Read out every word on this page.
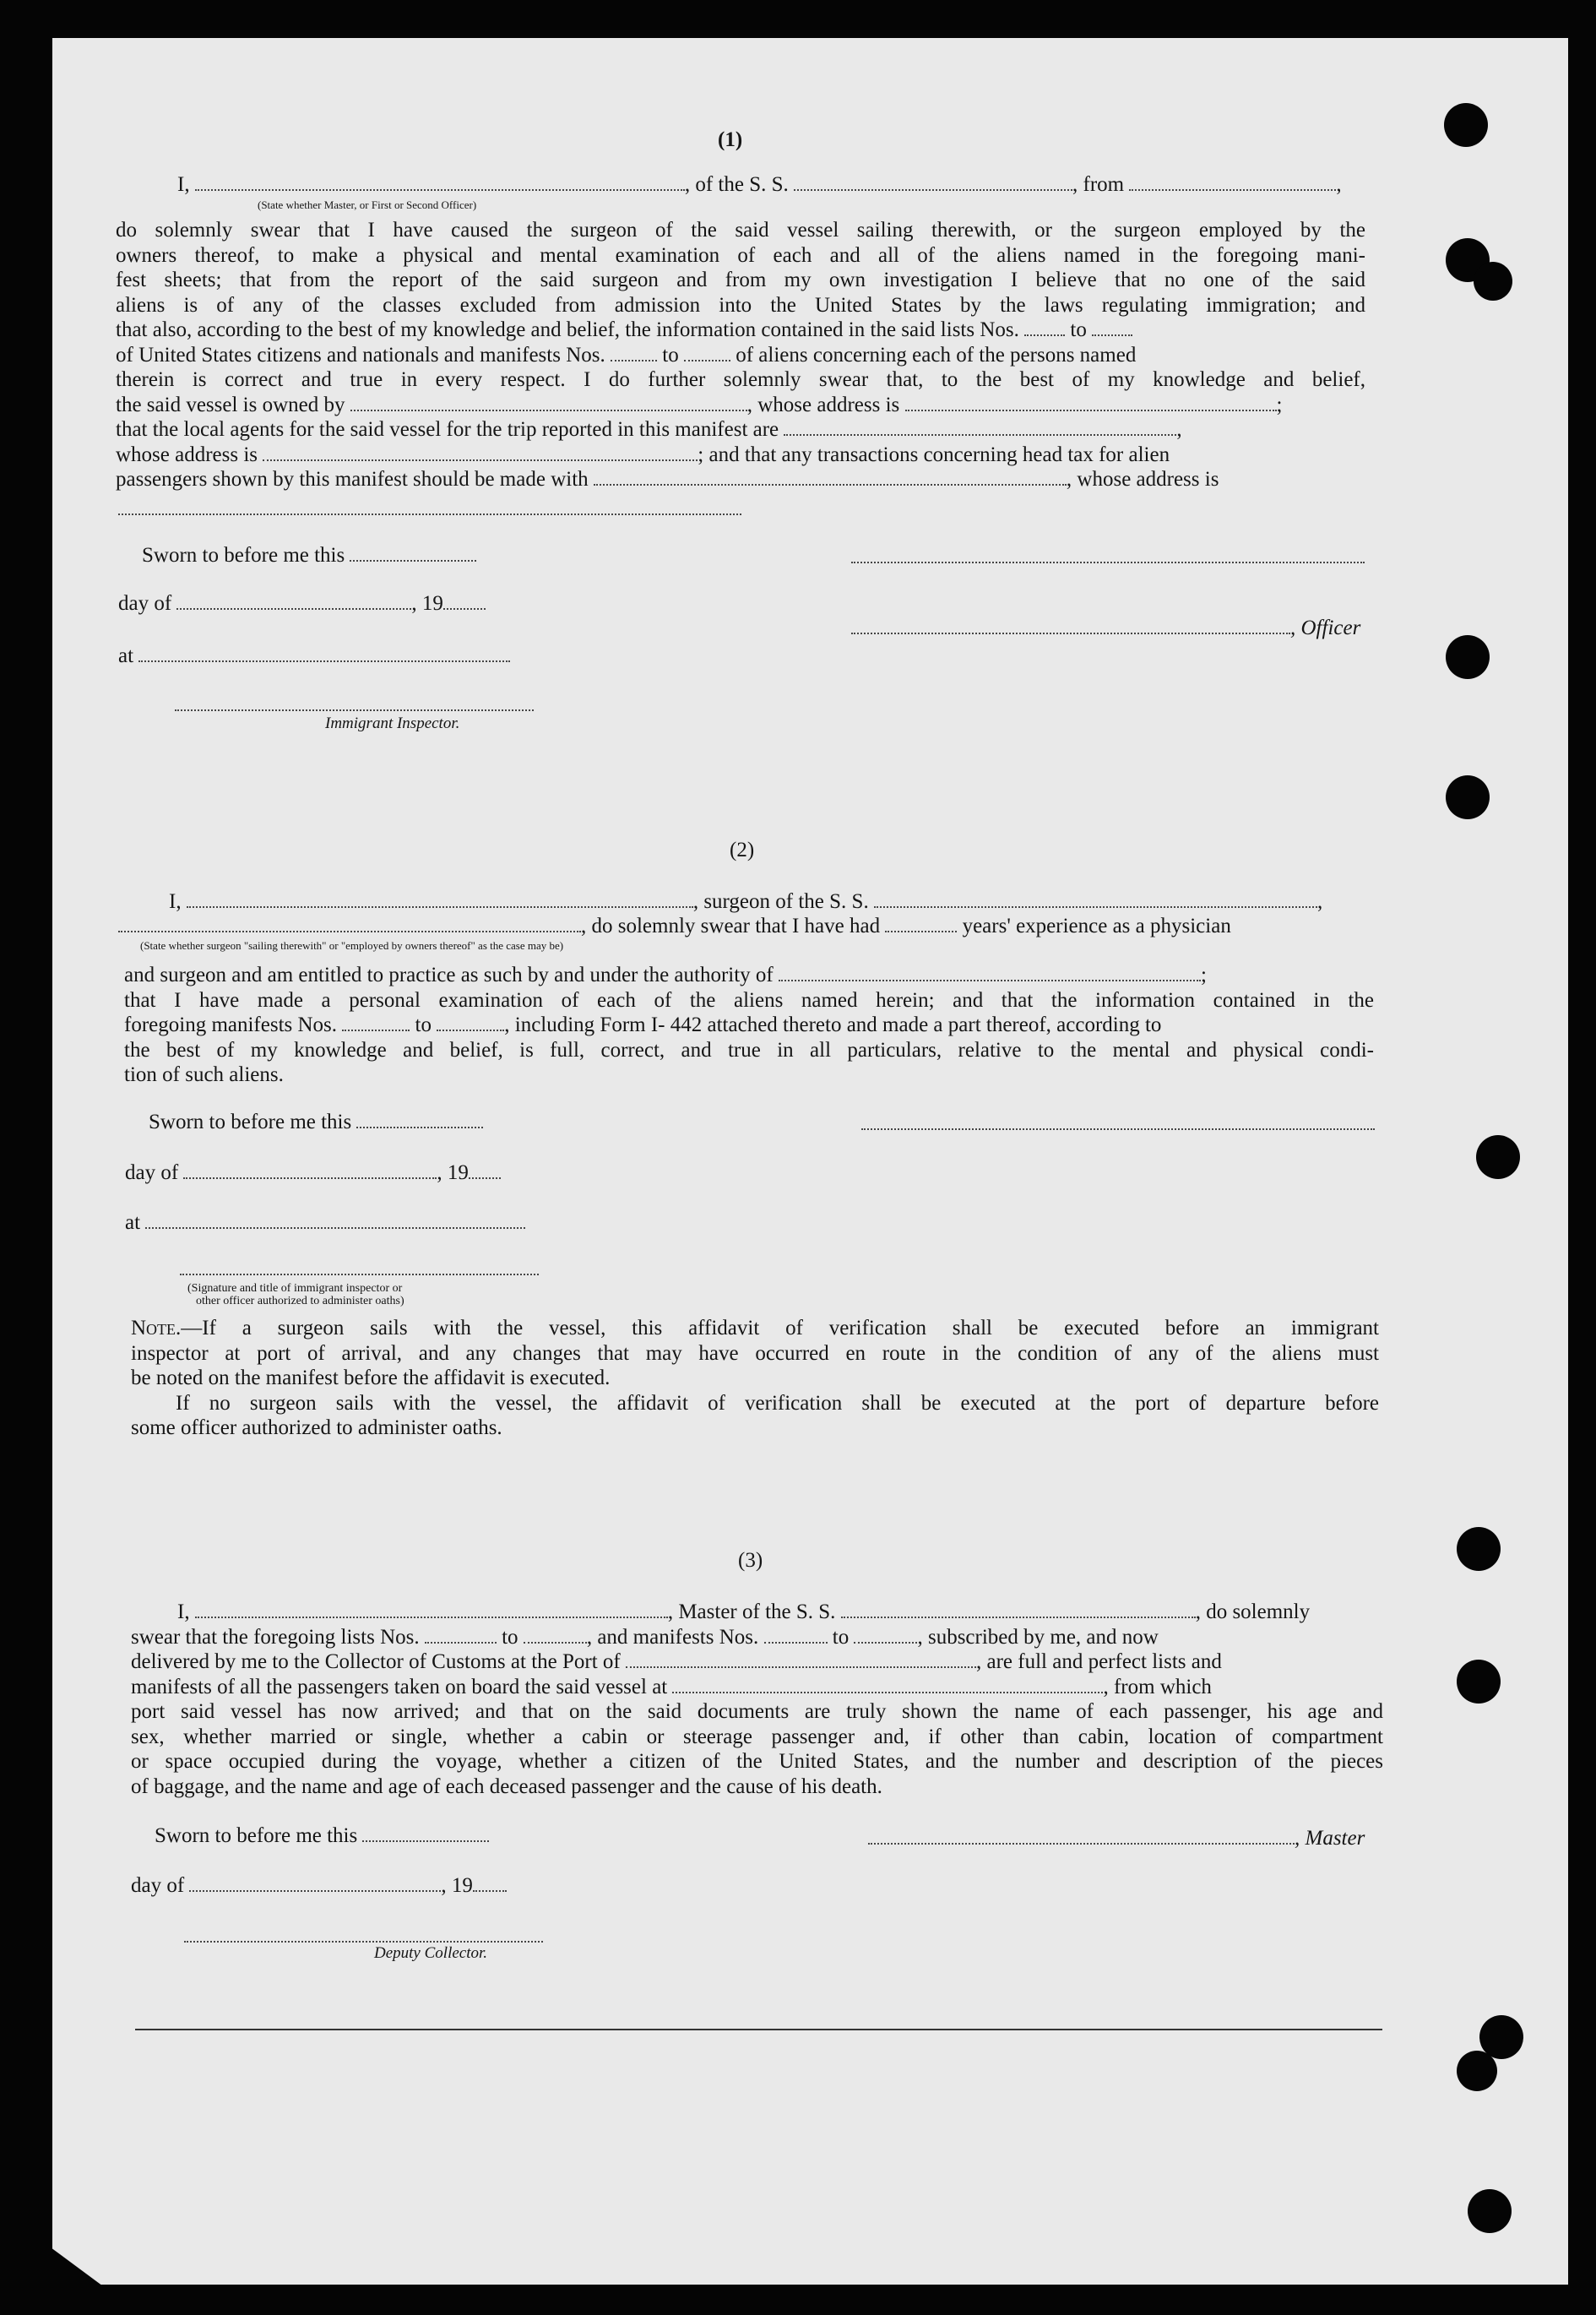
(1)
I,	, of the S. S.	, from	,
(State whether Master, or First or Second Officer)
do solemnly swear that I have caused the surgeon of the said vessel sailing therewith, or the surgeon employed by the
owners thereof, to make a physical and mental examination of each and all of the aliens named in the foregoing mani-
fest sheets; that from the report of the said surgeon and from my own investigation I believe that no one of the said
aliens is of any of the classes excluded from admission into the United States by the laws regulating immigration; and
that also, according to the best of my knowledge and belief, the information contained in the said lists Nos. to
of United States citizens and nationals and manifests Nos.	to	of aliens concerning each of the persons named
therein is correct and true in every respect. I do further solemnly swear that, to the best of my knowledge and belief,
the said vessel is owned by	, whose address is	;
that the local agents for the said vessel for the trip reported in this manifest are	,
whose address is	; and that any transactions concerning head tax for alien
passengers shown by this manifest should be made with	, whose address is
Sworn to before me this
day of	, 19
, Officer
at
Immigrant Inspector.
(2)
I,	, surgeon of the S. S.	,
, do solemnly swear that I have had	years' experience as a physician
(State whether surgeon "sailing therewith" or "employed by owners thereof" as the case may be)
and surgeon and am entitled to practice as such by and under the authority of	;
that I have made a personal examination of each of the aliens named herein; and that the information contained in the
foregoing manifests Nos.	to	, including Form I- 442 attached thereto and made a part thereof, according to
the best of my knowledge and belief, is full, correct, and true in all particulars, relative to the mental and physical condi-
tion of such aliens.
Sworn to before me this
day of	, 19
at
(Signature and title of immigrant inspector or
other officer authorized to administer oaths)
Note.—If a surgeon sails with the vessel, this affidavit of verification shall be executed before an immigrant
inspector at port of arrival, and any changes that may have occurred en route in the condition of any of the aliens must
be noted on the manifest before the affidavit is executed.
If no surgeon sails with the vessel, the affidavit of verification shall be executed at the port of departure before
some officer authorized to administer oaths.
(3)
I,	, Master of the S. S.	, do solemnly
swear that the foregoing lists Nos.	to	, and manifests Nos.	to	, subscribed by me, and now
delivered by me to the Collector of Customs at the Port of	, are full and perfect lists and
manifests of all the passengers taken on board the said vessel at	, from which
port said vessel has now arrived; and that on the said documents are truly shown the name of each passenger, his age and
sex, whether married or single, whether a cabin or steerage passenger and, if other than cabin, location of compartment
or space occupied during the voyage, whether a citizen of the United States, and the number and description of the pieces
of baggage, and the name and age of each deceased passenger and the cause of his death.
Sworn to before me this	, Master
day of	, 19
Deputy Collector.
